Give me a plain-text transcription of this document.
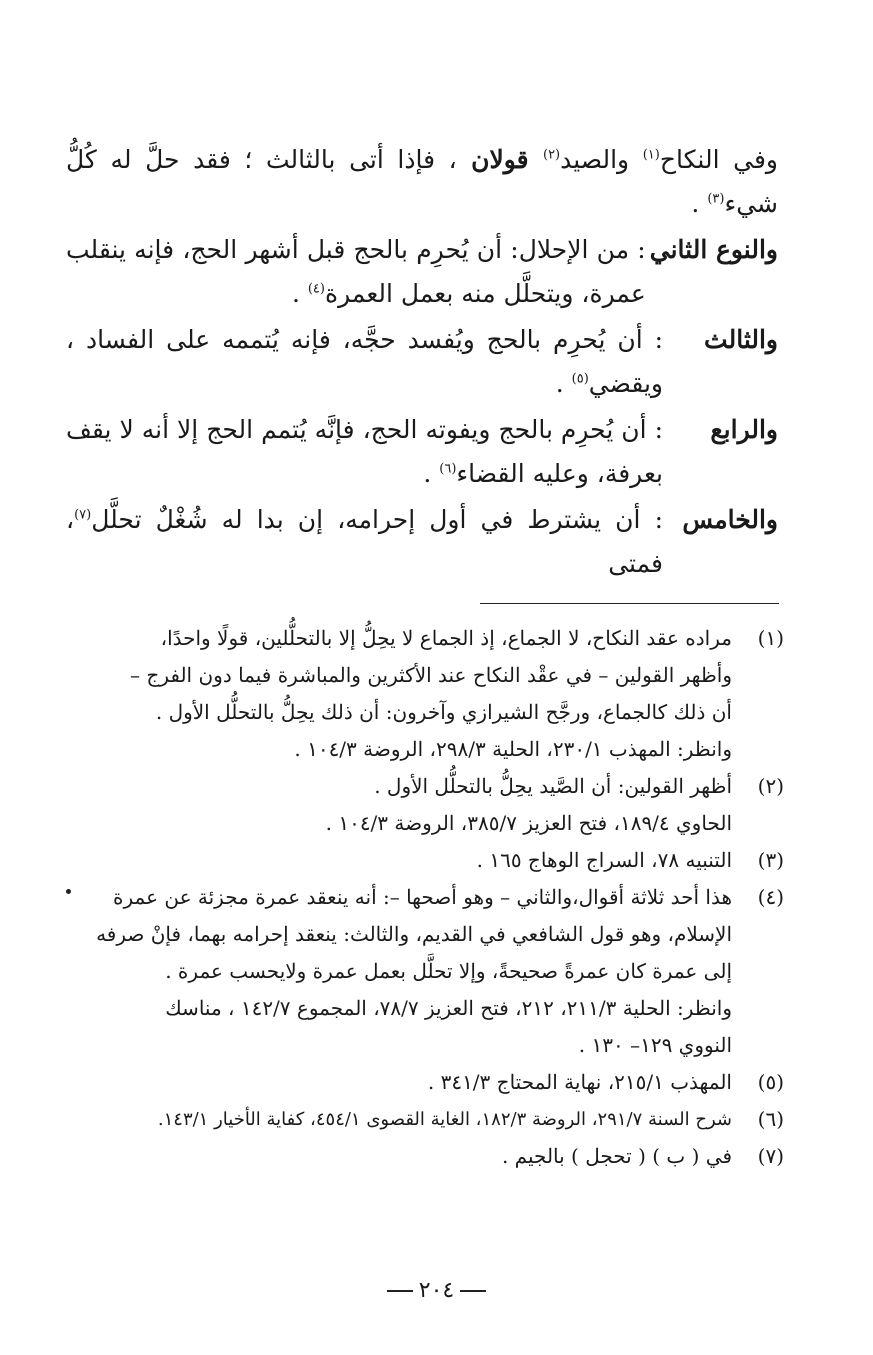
وفي النكاح$^{(١)}$ والصيد$^{(٢)}$ قولان ، فإذا أتى بالثالث ؛ فقد حلَّ له كُلُّ شيء$^{(٣)}$ .
والنوع الثاني
: من الإحلال: أن يُحرِم بالحج قبل أشهر الحج، فإنه ينقلب عمرة، ويتحلَّل منه بعمل العمرة$^{(٤)}$ .
والثالث
: أن يُحرِم بالحج ويُفسد حجَّه، فإنه يُتممه على الفساد ، ويقضي$^{(٥)}$ .
والرابع
: أن يُحرِم بالحج ويفوته الحج، فإنَّه يُتمم الحج إلا أنه لا يقف بعرفة، وعليه القضاء$^{(٦)}$ .
والخامس
: أن يشترط في أول إحرامه، إن بدا له شُغْلٌ تحلَّل$^{(٧)}$، فمتى
(١)
مراده عقد النكاح، لا الجماع، إذ الجماع لا يحِلُّ إلا بالتحلُّلين، قولًا واحدًا،
وأظهر القولين – في عقْد النكاح عند الأكثرين والمباشرة فيما دون الفرج –
أن ذلك كالجماع، ورجَّح الشيرازي وآخرون: أن ذلك يحِلُّ بالتحلُّل الأول .
وانظر: المهذب ٢٣٠/١، الحلية ٢٩٨/٣، الروضة ١٠٤/٣ .
(٢)
أظهر القولين: أن الصَّيد يحِلُّ بالتحلُّل الأول .
الحاوي ١٨٩/٤، فتح العزيز ٣٨٥/٧، الروضة ١٠٤/٣ .
(٣)
التنبيه ٧٨، السراج الوهاج ١٦٥ .
(٤)
هذا أحد ثلاثة أقوال،والثاني – وهو أصحها –: أنه ينعقد عمرة مجزئة عن عمرة
الإسلام، وهو قول الشافعي في القديم، والثالث: ينعقد إحرامه بهما، فإنْ صرفه
إلى عمرة كان عمرةً صحيحةً، وإلا تحلَّل بعمل عمرة ولايحسب عمرة .
وانظر: الحلية ٢١١/٣، ٢١٢، فتح العزيز ٧٨/٧، المجموع ١٤٢/٧ ، مناسك
النووي ١٢٩– ١٣٠ .
(٥)
المهذب ٢١٥/١، نهاية المحتاج ٣٤١/٣ .
(٦)
شرح السنة ٢٩١/٧، الروضة ١٨٢/٣، الغاية القصوى ٤٥٤/١، كفاية الأخيار ١٤٣/١.
(٧)
في ( ب ) ( تحجل ) بالجيم .
٢٠٤
